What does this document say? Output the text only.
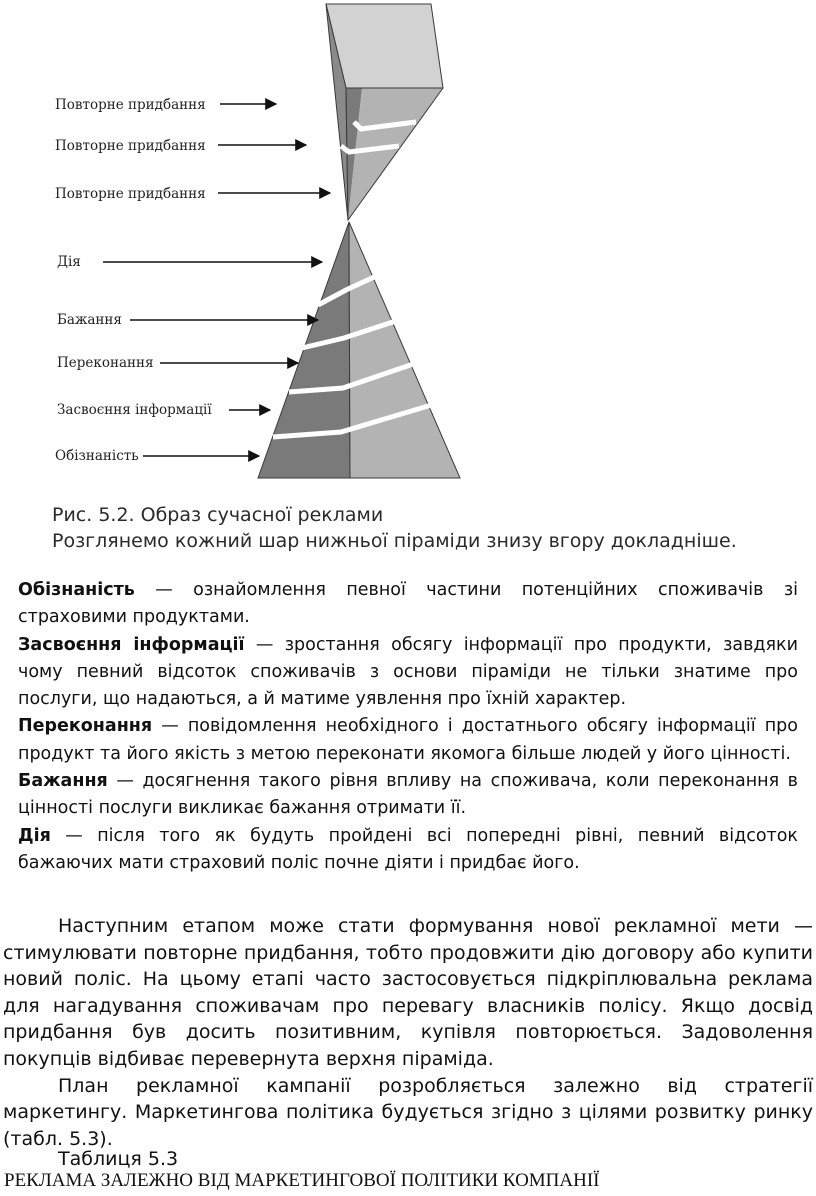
Повторне придбання
Повторне придбання
Повторне придбання
Дія
Бажання
Переконання
Засвоєння інформації
Обізнаність
Рис. 5.2. Образ сучасної реклами
Розглянемо кожний шар нижньої піраміди знизу вгору докладніше.

Обізнаність — ознайомлення певної частини потенційних споживачів зі страховими продуктами.

Засвоєння інформації — зростання обсягу інформації про продукти, завдяки чому певний відсоток споживачів з основи піраміди не тільки знатиме про послуги, що надаються, а й матиме уявлення про їхній характер.

Переконання — повідомлення необхідного і достатнього обсягу інформації про продукт та його якість з метою переконати якомога більше людей у його цінності.

Бажання — досягнення такого рівня впливу на споживача, коли переконання в цінності послуги викликає бажання отримати її.

Дія — після того як будуть пройдені всі попередні рівні, певний відсоток бажаючих мати страховий поліс почне діяти і придбає його.

Наступним етапом може стати формування нової рекламної мети — стимулювати повторне придбання, тобто продовжити дію договору або купити новий поліс. На цьому етапі часто застосовується підкріплювальна реклама для нагадування споживачам про перевагу власників полісу. Якщо досвід придбання був досить позитивним, купівля повторюється. Задоволення покупців відбиває перевернута верхня піраміда.

План рекламної кампанії розробляється залежно від стратегії маркетингу. Маркетингова політика будується згідно з цілями розвитку ринку (табл. 5.3).

Таблиця 5.3
РЕКЛАМА ЗАЛЕЖНО ВІД МАРКЕТИНГОВОЇ ПОЛІТИКИ КОМПАНІЇ
